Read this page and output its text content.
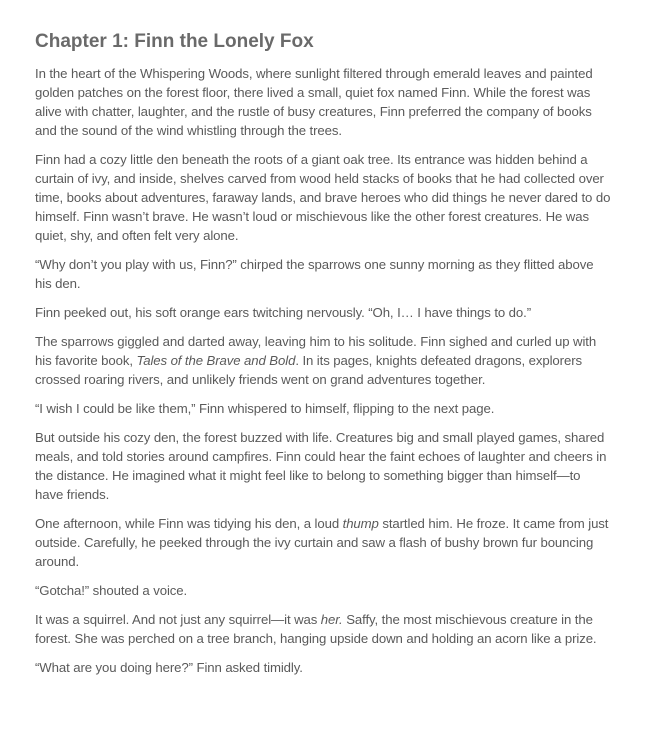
Chapter 1: Finn the Lonely Fox

In the heart of the Whispering Woods, where sunlight filtered through emerald leaves and painted golden patches on the forest floor, there lived a small, quiet fox named Finn. While the forest was alive with chatter, laughter, and the rustle of busy creatures, Finn preferred the company of books and the sound of the wind whistling through the trees.

Finn had a cozy little den beneath the roots of a giant oak tree. Its entrance was hidden behind a curtain of ivy, and inside, shelves carved from wood held stacks of books that he had collected over time, books about adventures, faraway lands, and brave heroes who did things he never dared to do himself. Finn wasn’t brave. He wasn’t loud or mischievous like the other forest creatures. He was quiet, shy, and often felt very alone.

“Why don’t you play with us, Finn?” chirped the sparrows one sunny morning as they flitted above his den.

Finn peeked out, his soft orange ears twitching nervously. “Oh, I… I have things to do.”

The sparrows giggled and darted away, leaving him to his solitude. Finn sighed and curled up with his favorite book, Tales of the Brave and Bold. In its pages, knights defeated dragons, explorers crossed roaring rivers, and unlikely friends went on grand adventures together.

“I wish I could be like them,” Finn whispered to himself, flipping to the next page.

But outside his cozy den, the forest buzzed with life. Creatures big and small played games, shared meals, and told stories around campfires. Finn could hear the faint echoes of laughter and cheers in the distance. He imagined what it might feel like to belong to something bigger than himself—to have friends.

One afternoon, while Finn was tidying his den, a loud thump startled him. He froze. It came from just outside. Carefully, he peeked through the ivy curtain and saw a flash of bushy brown fur bouncing around.

“Gotcha!” shouted a voice.

It was a squirrel. And not just any squirrel—it was her. Saffy, the most mischievous creature in the forest. She was perched on a tree branch, hanging upside down and holding an acorn like a prize.

“What are you doing here?” Finn asked timidly.
